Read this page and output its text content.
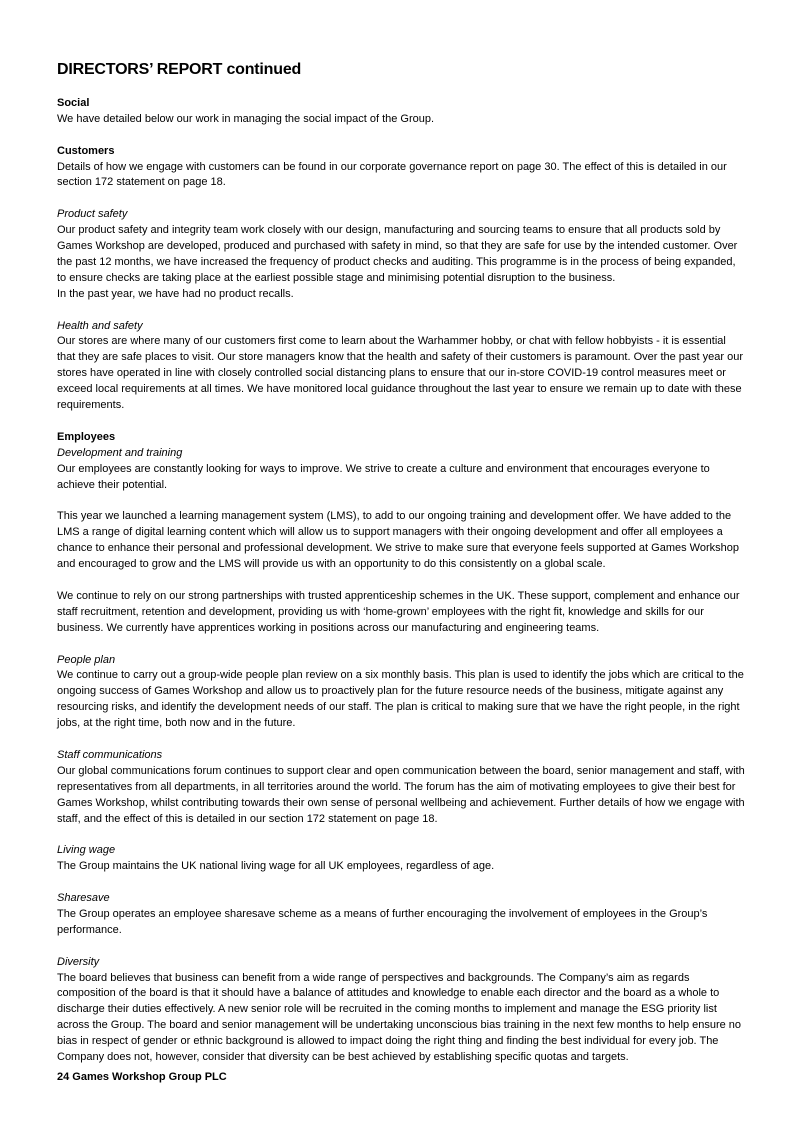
DIRECTORS’ REPORT continued
Social

We have detailed below our work in managing the social impact of the Group.

Customers

Details of how we engage with customers can be found in our corporate governance report on page 30. The effect of this is detailed in our section 172 statement on page 18.

Product safety

Our product safety and integrity team work closely with our design, manufacturing and sourcing teams to ensure that all products sold by Games Workshop are developed, produced and purchased with safety in mind, so that they are safe for use by the intended customer. Over the past 12 months, we have increased the frequency of product checks and auditing. This programme is in the process of being expanded, to ensure checks are taking place at the earliest possible stage and minimising potential disruption to the business.
In the past year, we have had no product recalls.

Health and safety

Our stores are where many of our customers first come to learn about the Warhammer hobby, or chat with fellow hobbyists - it is essential that they are safe places to visit. Our store managers know that the health and safety of their customers is paramount. Over the past year our stores have operated in line with closely controlled social distancing plans to ensure that our in-store COVID-19 control measures meet or exceed local requirements at all times. We have monitored local guidance throughout the last year to ensure we remain up to date with these requirements.

Employees
Development and training

Our employees are constantly looking for ways to improve. We strive to create a culture and environment that encourages everyone to achieve their potential.

This year we launched a learning management system (LMS), to add to our ongoing training and development offer. We have added to the LMS a range of digital learning content which will allow us to support managers with their ongoing development and offer all employees a chance to enhance their personal and professional development. We strive to make sure that everyone feels supported at Games Workshop and encouraged to grow and the LMS will provide us with an opportunity to do this consistently on a global scale.

We continue to rely on our strong partnerships with trusted apprenticeship schemes in the UK. These support, complement and enhance our staff recruitment, retention and development, providing us with ‘home-grown’ employees with the right fit, knowledge and skills for our business. We currently have apprentices working in positions across our manufacturing and engineering teams.

People plan

We continue to carry out a group-wide people plan review on a six monthly basis. This plan is used to identify the jobs which are critical to the ongoing success of Games Workshop and allow us to proactively plan for the future resource needs of the business, mitigate against any resourcing risks, and identify the development needs of our staff. The plan is critical to making sure that we have the right people, in the right jobs, at the right time, both now and in the future.

Staff communications

Our global communications forum continues to support clear and open communication between the board, senior management and staff, with representatives from all departments, in all territories around the world. The forum has the aim of motivating employees to give their best for Games Workshop, whilst contributing towards their own sense of personal wellbeing and achievement. Further details of how we engage with staff, and the effect of this is detailed in our section 172 statement on page 18.

Living wage

The Group maintains the UK national living wage for all UK employees, regardless of age.

Sharesave

The Group operates an employee sharesave scheme as a means of further encouraging the involvement of employees in the Group’s performance.

Diversity

The board believes that business can benefit from a wide range of perspectives and backgrounds. The Company’s aim as regards composition of the board is that it should have a balance of attitudes and knowledge to enable each director and the board as a whole to discharge their duties effectively. A new senior role will be recruited in the coming months to implement and manage the ESG priority list across the Group. The board and senior management will be undertaking unconscious bias training in the next few months to help ensure no bias in respect of gender or ethnic background is allowed to impact doing the right thing and finding the best individual for every job. The Company does not, however, consider that diversity can be best achieved by establishing specific quotas and targets.

24 Games Workshop Group PLC
